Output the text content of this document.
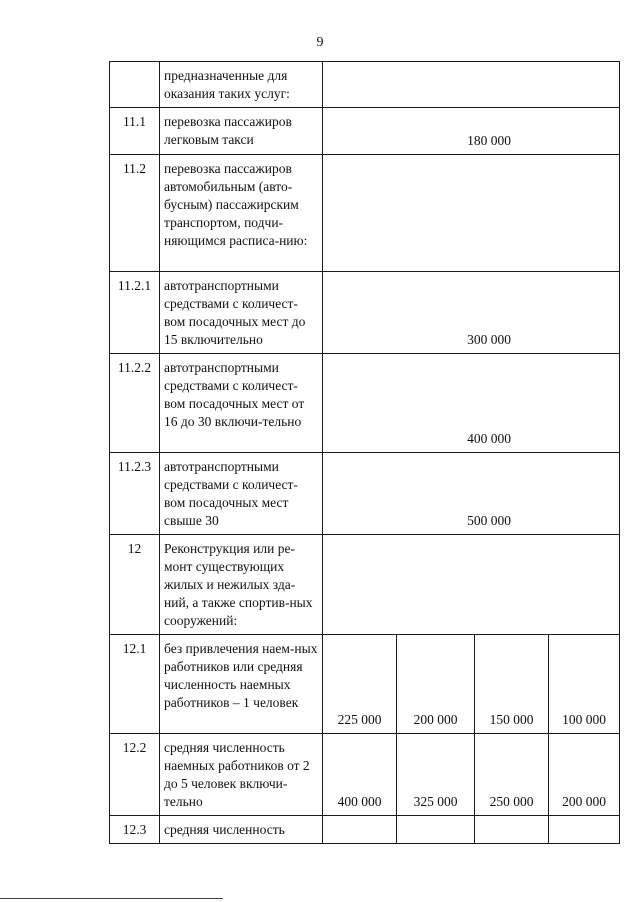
9
	предназначенные для оказания таких услуг:				
11.1	перевозка пассажиров легковым такси	180 000			
11.2	перевозка пассажиров автомобильным (авто-бусным) пассажирским транспортом, подчи-няющимся расписа-нию:				
11.2.1	автотранспортными средствами с количест-вом посадочных мест до 15 включительно	300 000			
11.2.2	автотранспортными средствами с количест-вом посадочных мест от 16 до 30 включи-тельно	400 000			
11.2.3	автотранспортными средствами с количест-вом посадочных мест свыше 30	500 000			
12	Реконструкция или ре-монт существующих жилых и нежилых зда-ний, а также спортив-ных сооружений:				
12.1	без привлечения наем-ных работников или средняя численность наемных работников – 1 человек	225 000	200 000	150 000	100 000
12.2	средняя численность наемных работников от 2 до 5 человек включи-тельно	400 000	325 000	250 000	200 000
12.3	средняя численность				
